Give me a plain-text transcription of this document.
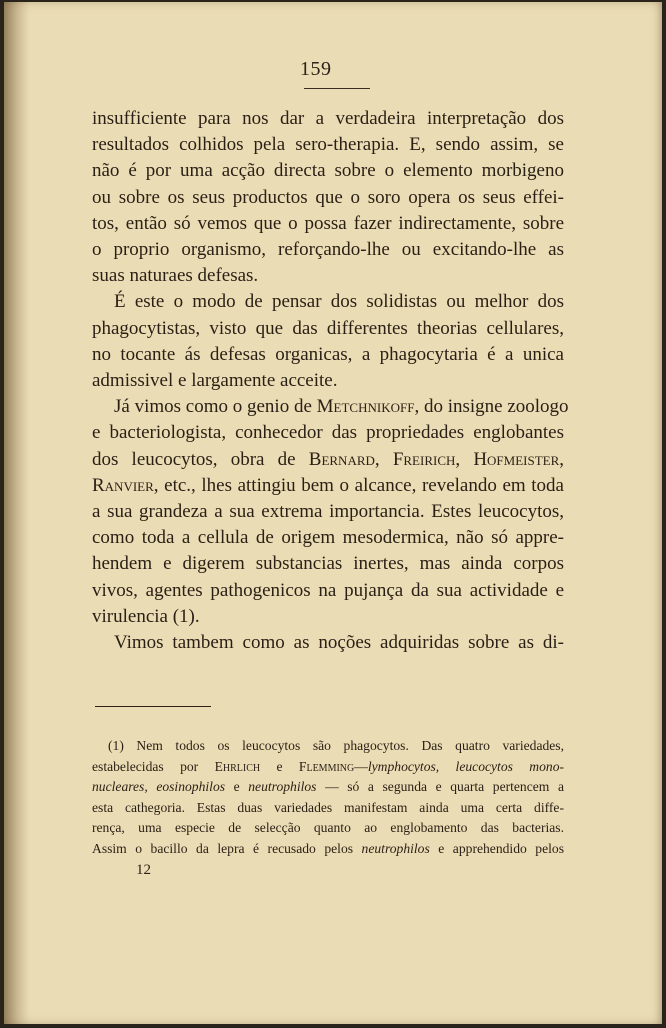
159
insufficiente para nos dar a verdadeira interpretação dos
resultados colhidos pela sero-therapia. E, sendo assim, se
não é por uma acção directa sobre o elemento morbigeno
ou sobre os seus productos que o soro opera os seus effei-
tos, então só vemos que o possa fazer indirectamente, sobre
o proprio organismo, reforçando-lhe ou excitando-lhe as
suas naturaes defesas.
É este o modo de pensar dos solidistas ou melhor dos
phagocytistas, visto que das differentes theorias cellulares,
no tocante ás defesas organicas, a phagocytaria é a unica
admissivel e largamente acceite.
Já vimos como o genio de Metchnikoff, do insigne zoologo
e bacteriologista, conhecedor das propriedades englobantes
dos leucocytos, obra de Bernard, Freirich, Hofmeister,
Ranvier, etc., lhes attingiu bem o alcance, revelando em toda
a sua grandeza a sua extrema importancia. Estes leucocytos,
como toda a cellula de origem mesodermica, não só appre-
hendem e digerem substancias inertes, mas ainda corpos
vivos, agentes pathogenicos na pujança da sua actividade e
virulencia (1).
Vimos tambem como as noções adquiridas sobre as di-
(1) Nem todos os leucocytos são phagocytos. Das quatro variedades,
estabelecidas por Ehrlich e Flemming—lymphocytos, leucocytos mono-
nucleares, eosinophilos e neutrophilos — só a segunda e quarta pertencem a
esta cathegoria. Estas duas variedades manifestam ainda uma certa diffe-
rença, uma especie de selecção quanto ao englobamento das bacterias.
Assim o bacillo da lepra é recusado pelos neutrophilos e apprehendido pelos
12
